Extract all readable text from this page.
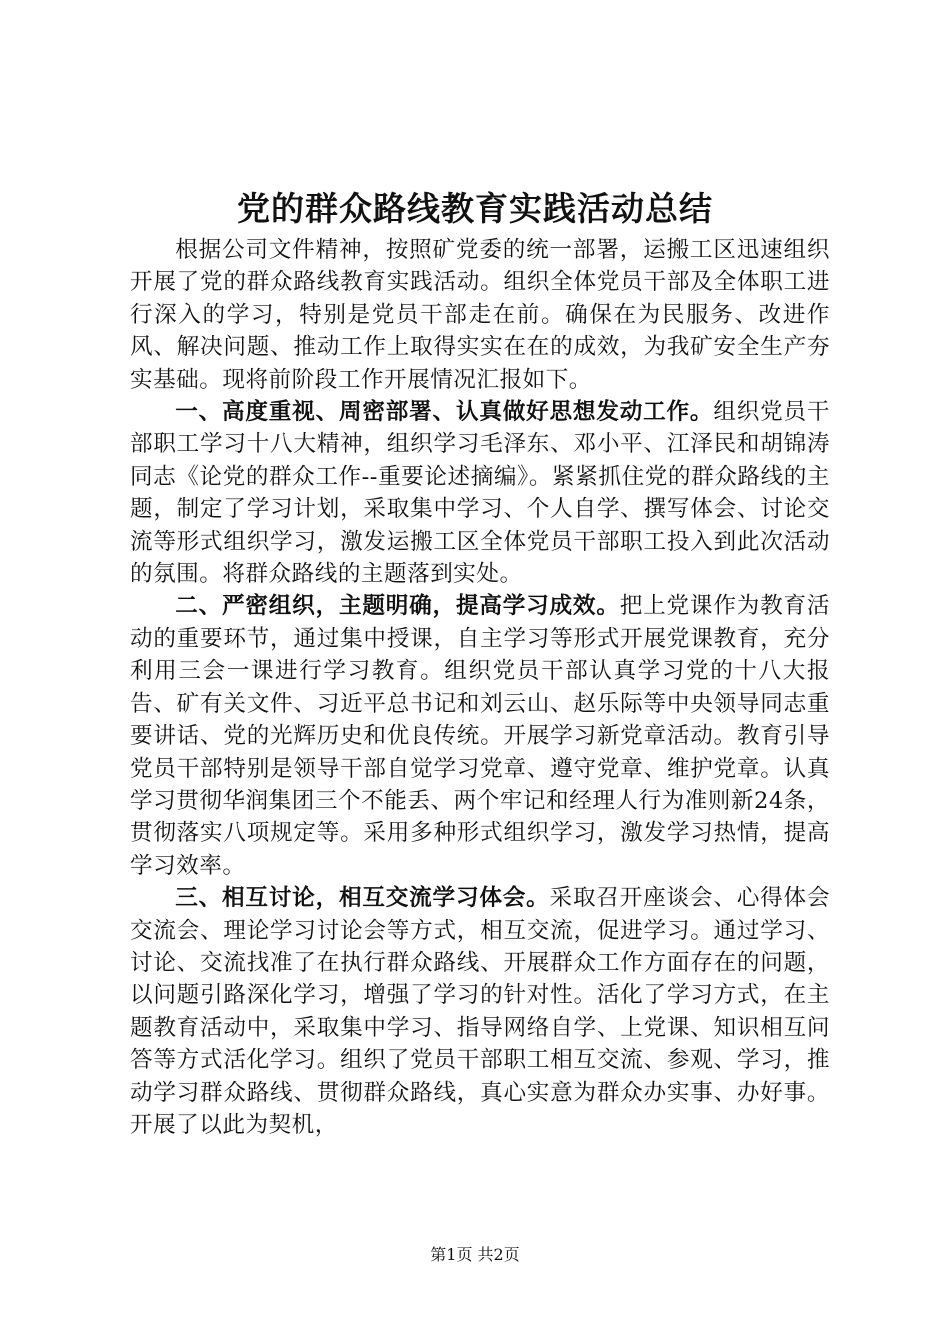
党的群众路线教育实践活动总结

根据公司文件精神，按照矿党委的统一部署，运搬工区迅速组织开展了党的群众路线教育实践活动。组织全体党员干部及全体职工进行深入的学习，特别是党员干部走在前。确保在为民服务、改进作风、解决问题、推动工作上取得实实在在的成效，为我矿安全生产夯实基础。现将前阶段工作开展情况汇报如下。

一、高度重视、周密部署、认真做好思想发动工作。组织党员干部职工学习十八大精神，组织学习毛泽东、邓小平、江泽民和胡锦涛同志《论党的群众工作--重要论述摘编》。紧紧抓住党的群众路线的主题，制定了学习计划，采取集中学习、个人自学、撰写体会、讨论交流等形式组织学习，激发运搬工区全体党员干部职工投入到此次活动的氛围。将群众路线的主题落到实处。

二、严密组织，主题明确，提高学习成效。把上党课作为教育活动的重要环节，通过集中授课，自主学习等形式开展党课教育，充分利用三会一课进行学习教育。组织党员干部认真学习党的十八大报告、矿有关文件、习近平总书记和刘云山、赵乐际等中央领导同志重要讲话、党的光辉历史和优良传统。开展学习新党章活动。教育引导党员干部特别是领导干部自觉学习党章、遵守党章、维护党章。认真学习贯彻华润集团三个不能丢、两个牢记和经理人行为准则新24条，贯彻落实八项规定等。采用多种形式组织学习，激发学习热情，提高学习效率。

三、相互讨论，相互交流学习体会。采取召开座谈会、心得体会交流会、理论学习讨论会等方式，相互交流，促进学习。通过学习、讨论、交流找准了在执行群众路线、开展群众工作方面存在的问题，以问题引路深化学习，增强了学习的针对性。活化了学习方式，在主题教育活动中，采取集中学习、指导网络自学、上党课、知识相互问答等方式活化学习。组织了党员干部职工相互交流、参观、学习，推动学习群众路线、贯彻群众路线，真心实意为群众办实事、办好事。开展了以此为契机，

第1页 共2页
